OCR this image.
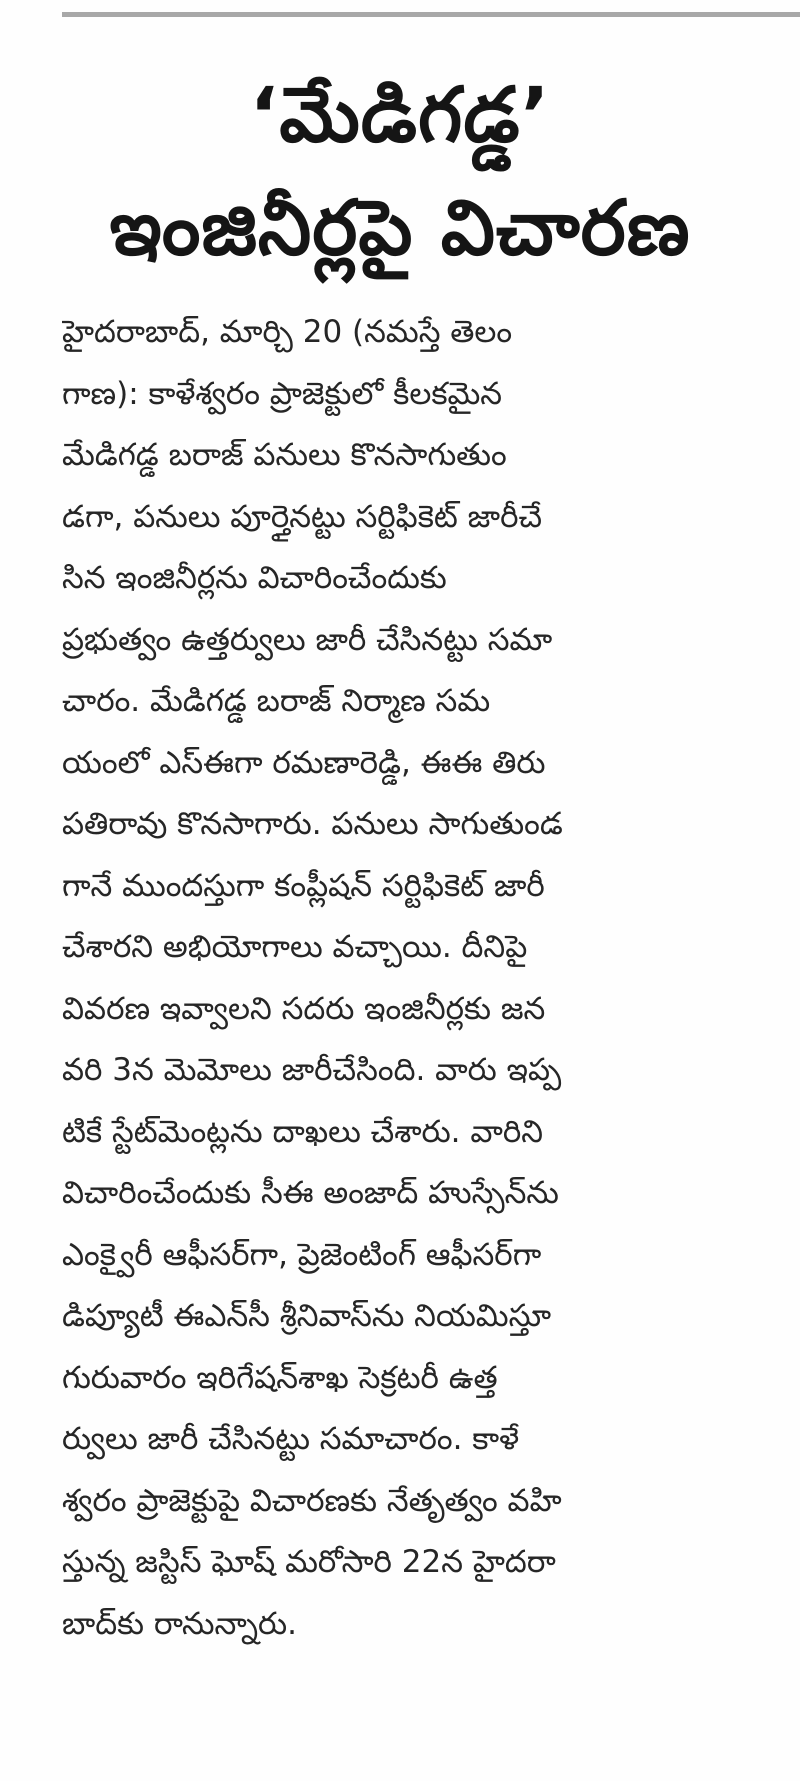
‘మేడిగడ్డ’
ఇంజినీర్లపై విచారణ
హైదరాబాద్, మార్చి 20 (నమస్తే తెలం
గాణ): కాళేశ్వరం ప్రాజెక్టులో కీలకమైన
మేడిగడ్డ బరాజ్ పనులు కొనసాగుతుం
డగా, పనులు పూర్తైనట్టు సర్టిఫికెట్ జారీచే
సిన ఇంజినీర్లను విచారించేందుకు
ప్రభుత్వం ఉత్తర్వులు జారీ చేసినట్టు సమా
చారం. మేడిగడ్డ బరాజ్ నిర్మాణ సమ
యంలో ఎస్ఈగా రమణారెడ్డి, ఈఈ తిరు
పతిరావు కొనసాగారు. పనులు సాగుతుండ
గానే ముందస్తుగా కంప్లీషన్ సర్టిఫికెట్ జారీ
చేశారని అభియోగాలు వచ్చాయి. దీనిపై
వివరణ ఇవ్వాలని సదరు ఇంజినీర్లకు జన
వరి 3న మెమోలు జారీచేసింది. వారు ఇప్ప
టికే స్టేట్‌మెంట్లను దాఖలు చేశారు. వారిని
విచారించేందుకు సీఈ అంజాద్ హుస్సేన్‌ను
ఎంక్వైరీ ఆఫీసర్‌గా, ప్రెజెంటింగ్ ఆఫీసర్‌గా
డిప్యూటీ ఈఎన్‌సీ శ్రీనివాస్‌ను నియమిస్తూ
గురువారం ఇరిగేషన్‌శాఖ సెక్రటరీ ఉత్త
ర్వులు జారీ చేసినట్టు సమాచారం. కాళే
శ్వరం ప్రాజెక్టుపై విచారణకు నేతృత్వం వహి
స్తున్న జస్టిస్ ఘోష్ మరోసారి 22న హైదరా
బాద్‌కు రానున్నారు.
